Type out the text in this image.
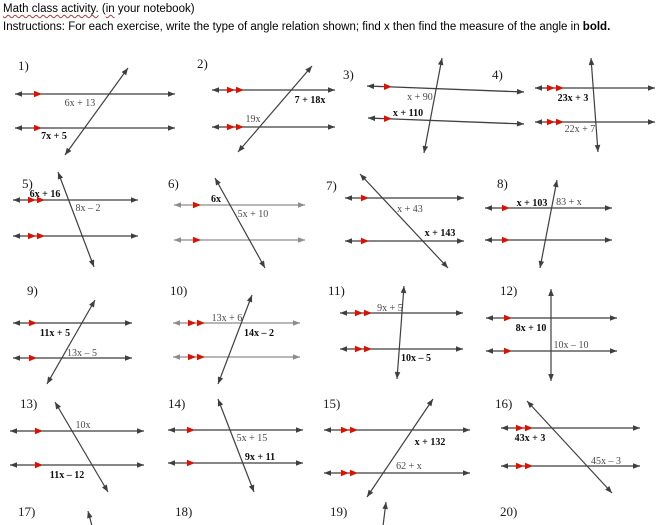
Math class activity. (in your notebook)
Instructions: For each exercise, write the type of angle relation shown; find x then find the measure of the angle in bold.
1)
6x + 13
7x + 5
2)
7 + 18x
19x
3)
x + 90
x + 110
4)
23x + 3
22x + 7
5)
6x + 16
8x – 2
6)
6x
5x + 10
7)
x + 43
x + 143
8)
x + 103 83 + x
9)
11x + 5
13x – 5
10)
13x + 6
14x – 2
11)
9x + 5
10x – 5
12)
8x + 10
10x – 10
13)
10x
11x – 12
14)
5x + 15
9x + 11
15)
x + 132
62 + x
16)
43x + 3
45x – 3
17)	18)	19)	20)
